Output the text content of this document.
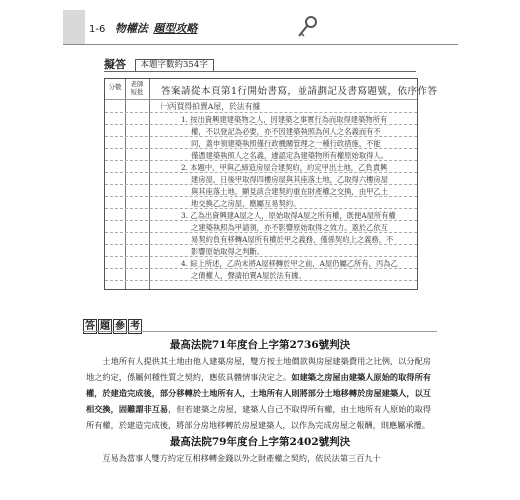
1-6 物權法 題型攻略
擬答 本題字數約354字
分數	老師
短批	答案請從本頁第1行開始書寫，並請劃記及書寫題號，依序作答
㈠丙買得拍賣A屋，於法有據
1. 按出資興建建築物之人，因建築之事實行為而取得建築物所有
權，不以登記為必要，亦不因建築執照為何人之名義而有不
同，蓋申領建築執照僅行政機關管理之一種行政措施，不能
僅憑建築執照人之名義，遽認定為建築物所有權原始取得人。
2. 本題中，甲與乙締造房屋合建契約，約定甲出土地，乙負責興
建房屋，日後甲取得四樓房屋與其座落土地，乙取得六樓房屋
與其座落土地，顯見該合建契約重在財產權之交換，由甲乙土
地交換乙之房屋，應屬互易契約。
3. 乙為出資興建A屋之人，原始取得A屋之所有權，既便A屋所有權
之建築執照為甲請領，亦不影響原始取得之效力。蓋於乙依互
易契約負有移轉A屋所有權於甲之義務，僅係契約上之義務，不
影響原始取得之判斷。
4. 綜上所述，乙尚未將A屋移轉於甲之前，A屋仍屬乙所有，丙為乙
之債權人，聲請拍賣A屋於法有據。
答 題 參 考
最高法院71年度台上字第2736號判決

土地所有人提供其土地由他人建築房屋，雙方按土地價款與房屋建築費用之比例，以分配房地之約定，係屬何種性質之契約，應依具體情事決定之。如建築之房屋由建築人原始的取得所有權，於建造完成後，部分移轉於土地所有人，土地所有人則將部分土地移轉於房屋建築人，以互相交換，固難謂非互易，但若建築之房屋，建築人自己不取得所有權，由土地所有人原始的取得所有權，於建造完成後，將部分房地移轉於房屋建築人，以作為完成房屋之報酬，則應屬承攬。

最高法院79年度台上字第2402號判決

互易為當事人雙方約定互相移轉金錢以外之財產權之契約，依民法第三百九十
